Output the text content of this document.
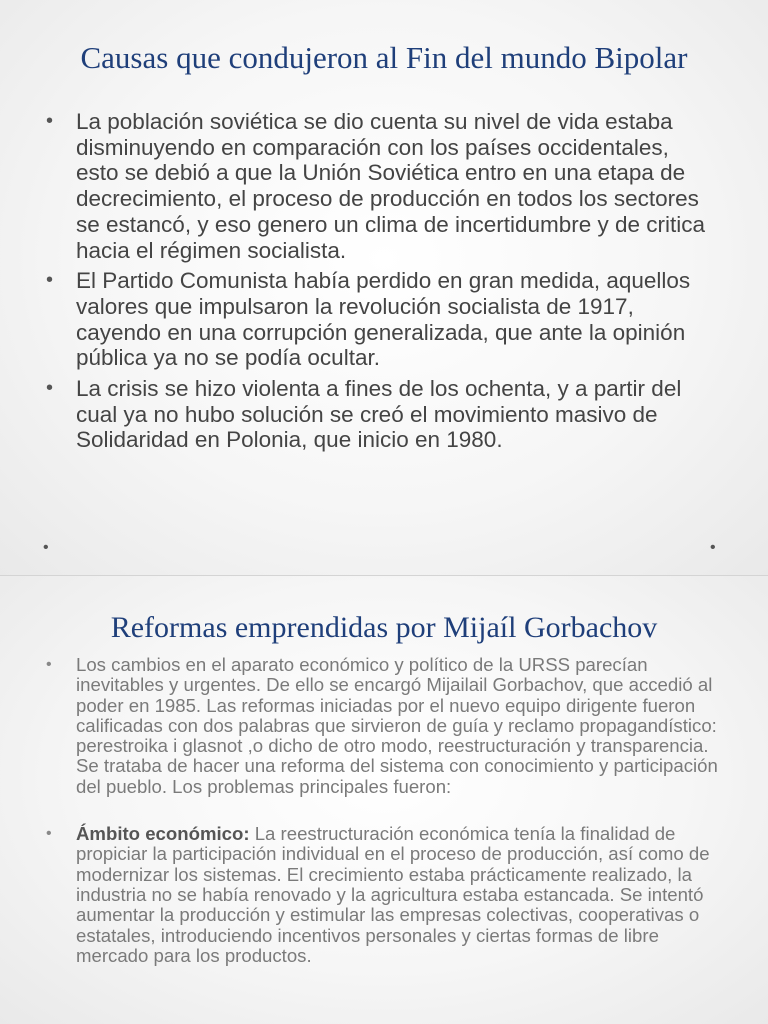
Causas que condujeron al Fin del mundo Bipolar
• La población soviética se dio cuenta su nivel de vida estaba disminuyendo en comparación con los países occidentales, esto se debió a que la Unión Soviética entro en una etapa de decrecimiento, el proceso de producción en todos los sectores se estancó, y eso genero un clima de incertidumbre y de critica hacia el régimen socialista.
• El Partido Comunista había perdido en gran medida, aquellos valores que impulsaron la revolución socialista de 1917, cayendo en una corrupción generalizada, que ante la opinión pública ya no se podía ocultar.
• La crisis se hizo violenta a fines de los ochenta, y a partir del cual ya no hubo solución se creó el movimiento masivo de Solidaridad en Polonia, que inicio en 1980.
•	•
Reformas emprendidas por Mijaíl Gorbachov
• Los cambios en el aparato económico y político de la URSS parecían inevitables y urgentes. De ello se encargó Mijailail Gorbachov, que accedió al poder en 1985. Las reformas iniciadas por el nuevo equipo dirigente fueron calificadas con dos palabras que sirvieron de guía y reclamo propagandístico: perestroika i glasnot ,o dicho de otro modo, reestructuración y transparencia. Se trataba de hacer una reforma del sistema con conocimiento y participación del pueblo. Los problemas principales fueron:
• Ámbito económico: La reestructuración económica tenía la finalidad de propiciar la participación individual en el proceso de producción, así como de modernizar los sistemas. El crecimiento estaba prácticamente realizado, la industria no se había renovado y la agricultura estaba estancada. Se intentó aumentar la producción y estimular las empresas colectivas, cooperativas o estatales, introduciendo incentivos personales y ciertas formas de libre mercado para los productos.
